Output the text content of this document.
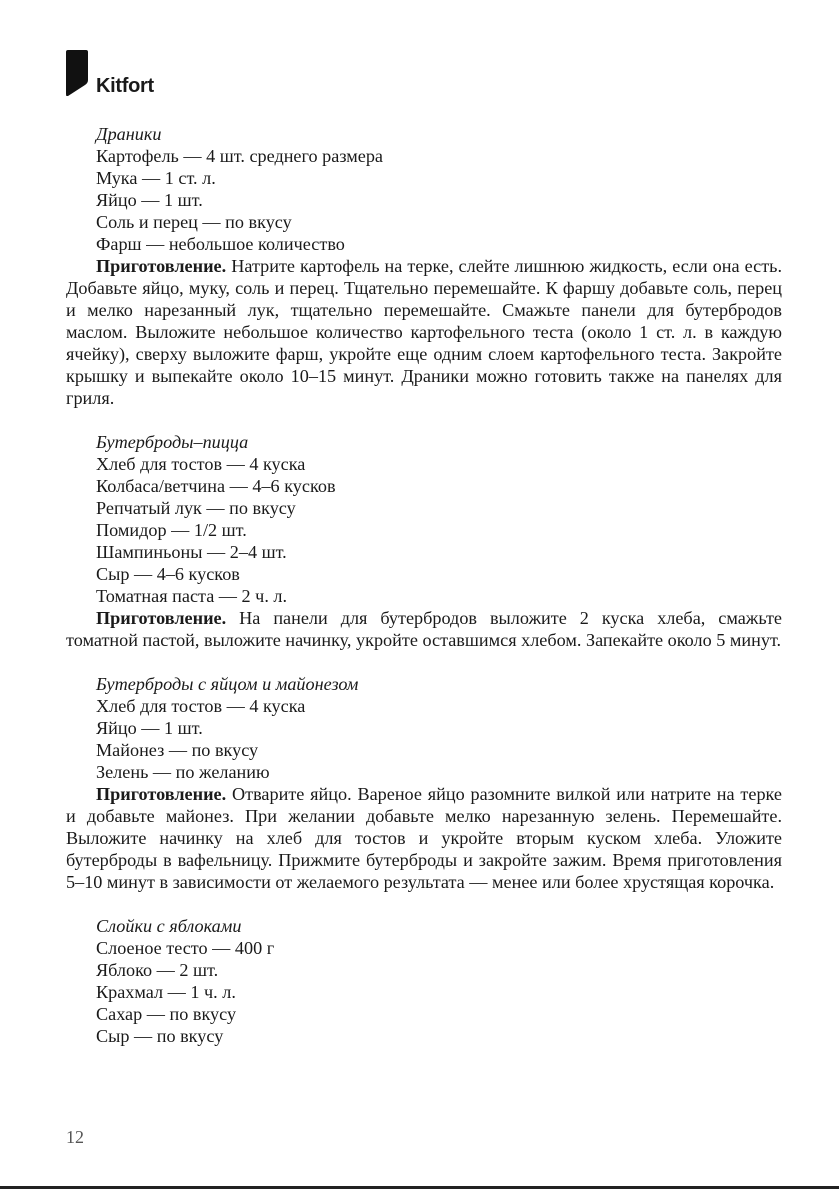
Kitfort
Драники
Картофель — 4 шт. среднего размера
Мука — 1 ст. л.
Яйцо — 1 шт.
Соль и перец — по вкусу
Фарш — небольшое количество

Приготовление. Натрите картофель на терке, слейте лишнюю жидкость, если она есть. Добавьте яйцо, муку, соль и перец. Тщательно перемешайте. К фаршу добавьте соль, перец и мелко нарезанный лук, тщательно перемешайте. Смажьте панели для бутербродов маслом. Выложите небольшое количество картофельного теста (около 1 ст. л. в каждую ячейку), сверху выложите фарш, укройте еще одним слоем картофельного теста. Закройте крышку и выпекайте около 10–15 минут. Драники можно готовить также на панелях для гриля.

Бутерброды–пицца
Хлеб для тостов — 4 куска
Колбаса/ветчина — 4–6 кусков
Репчатый лук — по вкусу
Помидор — 1/2 шт.
Шампиньоны — 2–4 шт.
Сыр — 4–6 кусков
Томатная паста — 2 ч. л.

Приготовление. На панели для бутербродов выложите 2 куска хлеба, смажьте томатной пастой, выложите начинку, укройте оставшимся хлебом. Запекайте около 5 минут.

Бутерброды с яйцом и майонезом
Хлеб для тостов — 4 куска
Яйцо — 1 шт.
Майонез — по вкусу
Зелень — по желанию

Приготовление. Отварите яйцо. Вареное яйцо разомните вилкой или натрите на терке и добавьте майонез. При желании добавьте мелко нарезанную зелень. Перемешайте. Выложите начинку на хлеб для тостов и укройте вторым куском хлеба. Уложите бутерброды в вафельницу. Прижмите бутерброды и закройте зажим. Время приготовления 5–10 минут в зависимости от желаемого результата — менее или более хрустящая корочка.

Слойки с яблоками
Слоеное тесто — 400 г
Яблоко — 2 шт.
Крахмал — 1 ч. л.
Сахар — по вкусу
Сыр — по вкусу
12
